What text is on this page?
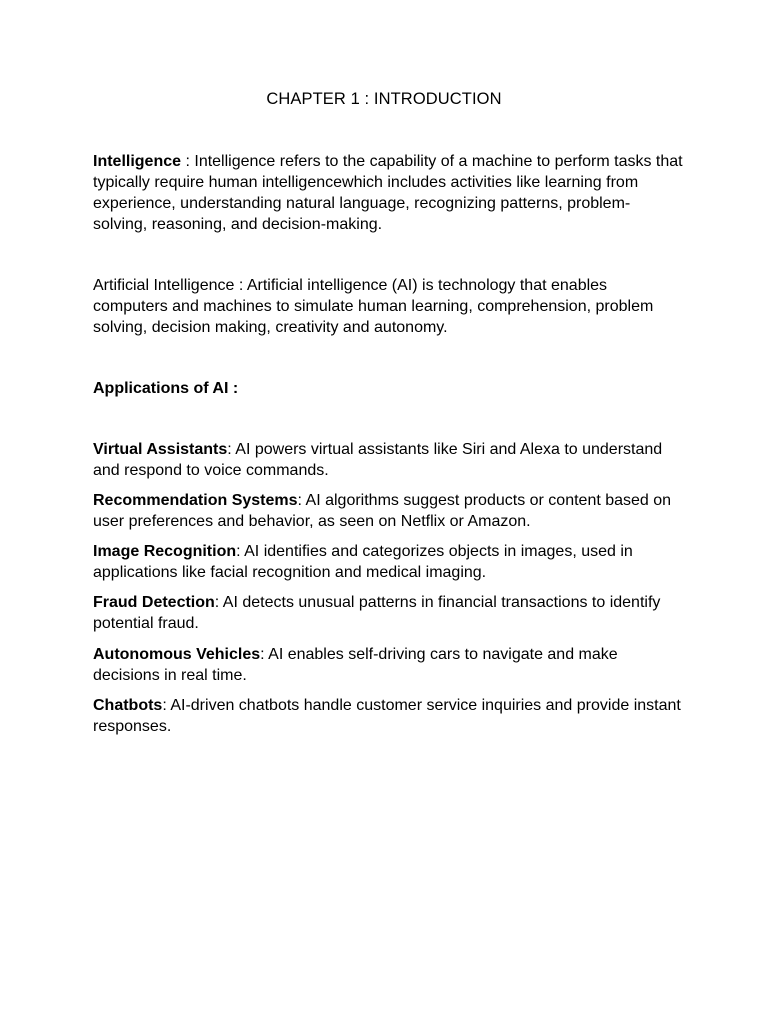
CHAPTER 1 : INTRODUCTION

Intelligence : Intelligence refers to the capability of a machine to perform tasks that typically require human intelligencewhich includes activities like learning from experience, understanding natural language, recognizing patterns, problem-solving, reasoning, and decision-making.

Artificial Intelligence : Artificial intelligence (AI) is technology that enables computers and machines to simulate human learning, comprehension, problem solving, decision making, creativity and autonomy.

Applications of AI :

Virtual Assistants: AI powers virtual assistants like Siri and Alexa to understand and respond to voice commands.

Recommendation Systems: AI algorithms suggest products or content based on user preferences and behavior, as seen on Netflix or Amazon.

Image Recognition: AI identifies and categorizes objects in images, used in applications like facial recognition and medical imaging.

Fraud Detection: AI detects unusual patterns in financial transactions to identify potential fraud.

Autonomous Vehicles: AI enables self-driving cars to navigate and make decisions in real time.

Chatbots: AI-driven chatbots handle customer service inquiries and provide instant responses.
